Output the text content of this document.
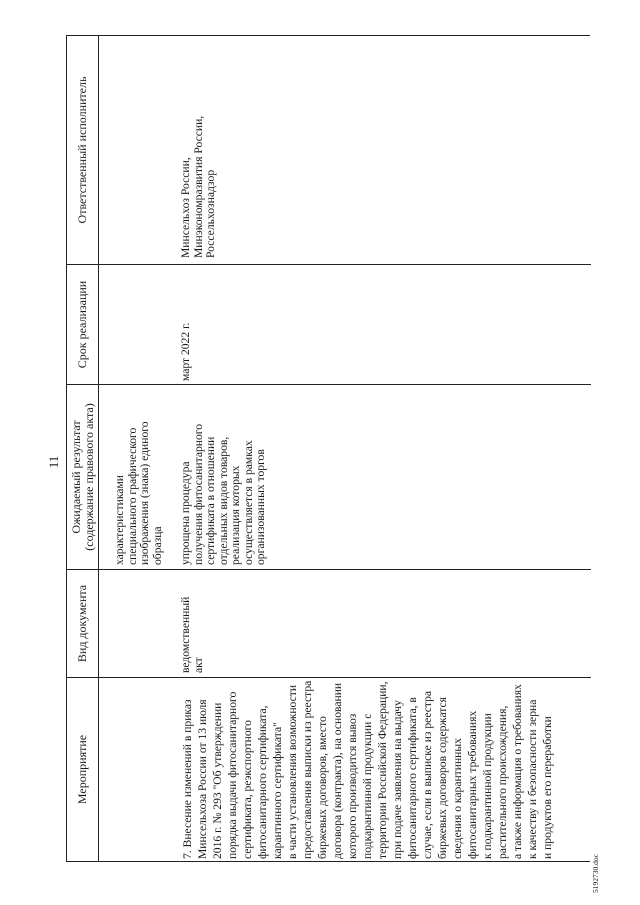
11
Мероприятие
Вид документа
Ожидаемый результат
(содержание правового акта)
Срок реализации
Ответственный исполнитель
характеристиками специального графического изображения (знака) единого образца
7. Внесение изменений в приказ Минсельхоза России от 13 июля 2016 г. № 293 "Об утверждении порядка выдачи фитосанитарного сертификата, реэкспортного фитосанитарного сертификата, карантинного сертификата" в части установления возможности предоставления выписки из реестра биржевых договоров, вместо договора (контракта), на основании которого производится вывоз подкарантинной продукции с территории Российской Федерации, при подаче заявления на выдачу фитосанитарного сертификата, в случае, если в выписке из реестра биржевых договоров содержатся сведения о карантинных фитосанитарных требованиях к подкарантинной продукции растительного происхождения, а также информация о требованиях к качеству и безопасности зерна и продуктов его переработки
ведомственный акт
упрощена процедура получения фитосанитарного сертификата в отношении отдельных видов товаров, реализация которых осуществляется в рамках организованных торгов
март 2022 г.
Минсельхоз России, Минэкономразвития России, Россельхознадзор
5192730.doc
